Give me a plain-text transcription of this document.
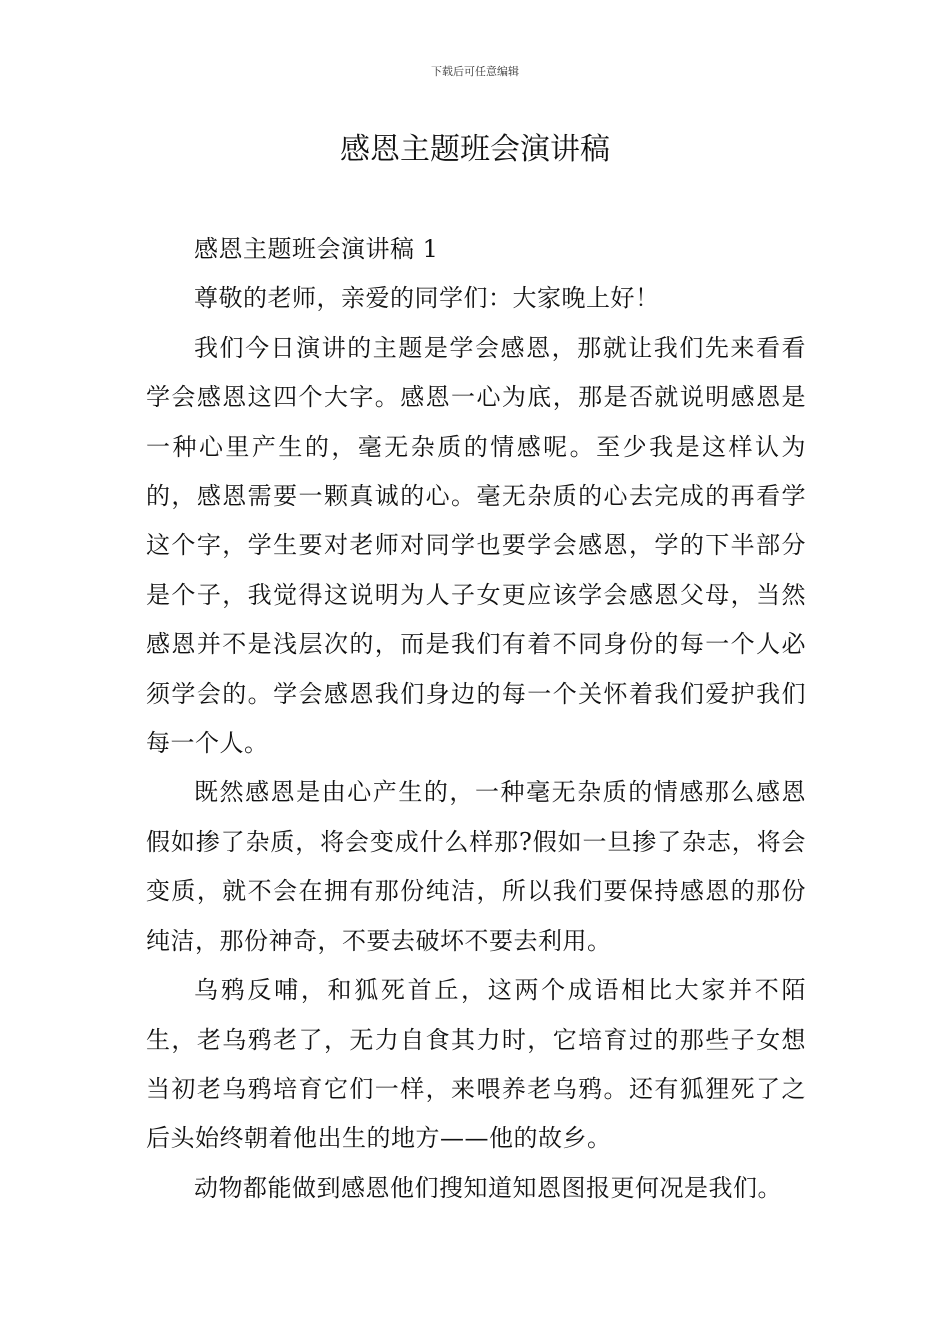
下载后可任意编辑
感恩主题班会演讲稿

感恩主题班会演讲稿 1

尊敬的老师，亲爱的同学们：大家晚上好！

我们今日演讲的主题是学会感恩，那就让我们先来看看学会感恩这四个大字。感恩一心为底，那是否就说明感恩是一种心里产生的，毫无杂质的情感呢。至少我是这样认为的，感恩需要一颗真诚的心。毫无杂质的心去完成的再看学这个字，学生要对老师对同学也要学会感恩，学的下半部分是个子，我觉得这说明为人子女更应该学会感恩父母，当然感恩并不是浅层次的，而是我们有着不同身份的每一个人必须学会的。学会感恩我们身边的每一个关怀着我们爱护我们每一个人。

既然感恩是由心产生的，一种毫无杂质的情感那么感恩假如掺了杂质，将会变成什么样那?假如一旦掺了杂志，将会变质，就不会在拥有那份纯洁，所以我们要保持感恩的那份纯洁，那份神奇，不要去破坏不要去利用。

乌鸦反哺，和狐死首丘，这两个成语相比大家并不陌生，老乌鸦老了，无力自食其力时，它培育过的那些子女想当初老乌鸦培育它们一样，来喂养老乌鸦。还有狐狸死了之后头始终朝着他出生的地方——他的故乡。

动物都能做到感恩他们搜知道知恩图报更何况是我们。
